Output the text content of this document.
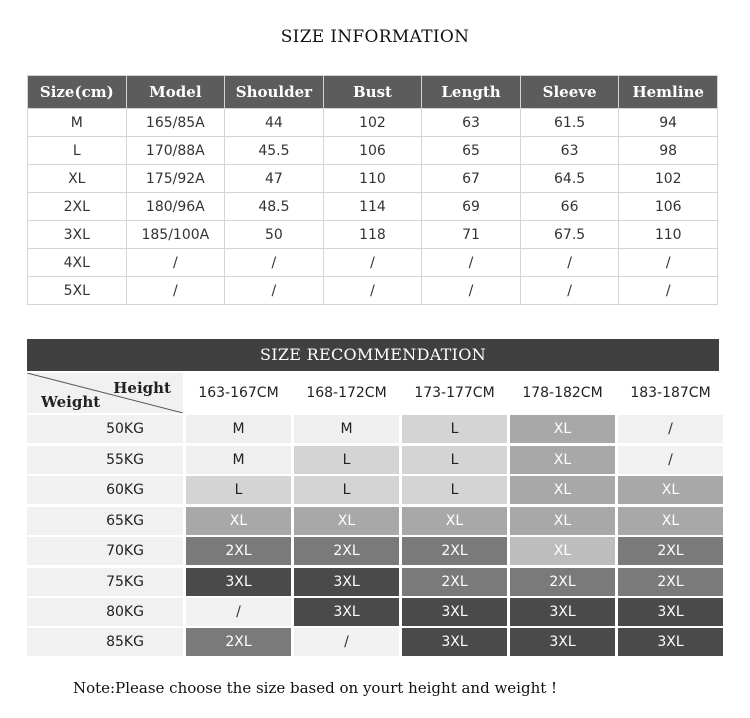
SIZE INFORMATION
Size(cm)	Model	Shoulder	Bust	Length	Sleeve	Hemline
M	165/85A	44	102	63	61.5	94
L	170/88A	45.5	106	65	63	98
XL	175/92A	47	110	67	64.5	102
2XL	180/96A	48.5	114	69	66	106
3XL	185/100A	50	118	71	67.5	110
4XL	/	/	/	/	/	/
5XL	/	/	/	/	/	/
SIZE RECOMMENDATION
Height
Weight	163-167CM	168-172CM	173-177CM	178-182CM	183-187CM
50KG	M	M	L	XL	/
55KG	M	L	L	XL	/
60KG	L	L	L	XL	XL
65KG	XL	XL	XL	XL	XL
70KG	2XL	2XL	2XL	XL	2XL
75KG	3XL	3XL	2XL	2XL	2XL
80KG	/	3XL	3XL	3XL	3XL
85KG	2XL	/	3XL	3XL	3XL
Note:Please choose the size based on yourt height and weight !
